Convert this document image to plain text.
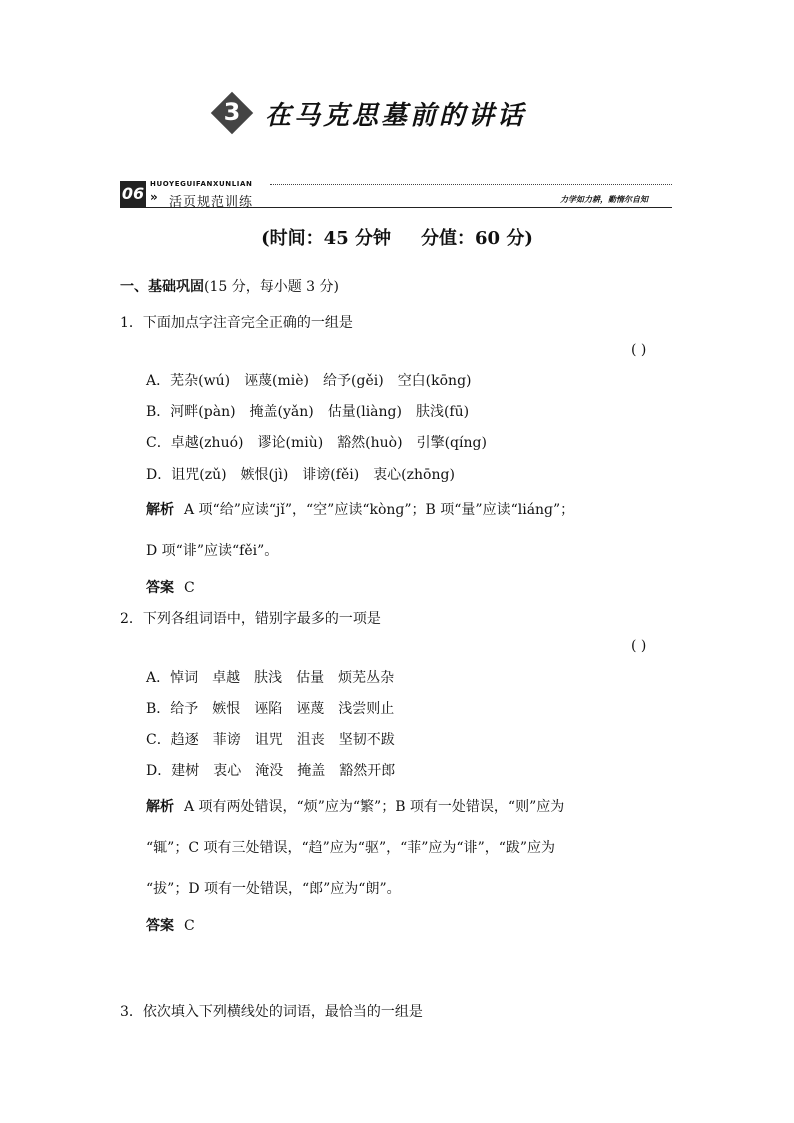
3 在马克思墓前的讲话
06 HUOYEGUIFANXUNLIAN
» 活页规范训练	力学如力耕，勤惰尔自知
(时间：45 分钟 分值：60 分)
一、基础巩固(15 分，每小题 3 分)
1．下面加点字注音完全正确的一组是
( )
A．芜杂(wú) 诬蔑(miè) 给予(gěi) 空白(kōng)
B．河畔(pàn) 掩盖(yǎn) 估量(liàng) 肤浅(fū)
C．卓越(zhuó) 谬论(miù) 豁然(huò) 引擎(qíng)
D．诅咒(zǔ) 嫉恨(jì) 诽谤(fěi) 衷心(zhōng)
解析 A 项“给”应读“jǐ”，“空”应读“kònɡ”；B 项“量”应读“liánɡ”；
D 项“诽”应读“fěi”。
答案 C
2．下列各组词语中，错别字最多的一项是
( )
A．悼词 卓越 肤浅 估量 烦芜丛杂
B．给予 嫉恨 诬陷 诬蔑 浅尝则止
C．趋逐 菲谤 诅咒 沮丧 坚韧不跋
D．建树 衷心 淹没 掩盖 豁然开郎
解析 A 项有两处错误，“烦”应为“繁”；B 项有一处错误，“则”应为
“辄”；C 项有三处错误，“趋”应为“驱”，“菲”应为“诽”，“跋”应为
“拔”；D 项有一处错误，“郎”应为“朗”。
答案 C
3．依次填入下列横线处的词语，最恰当的一组是
